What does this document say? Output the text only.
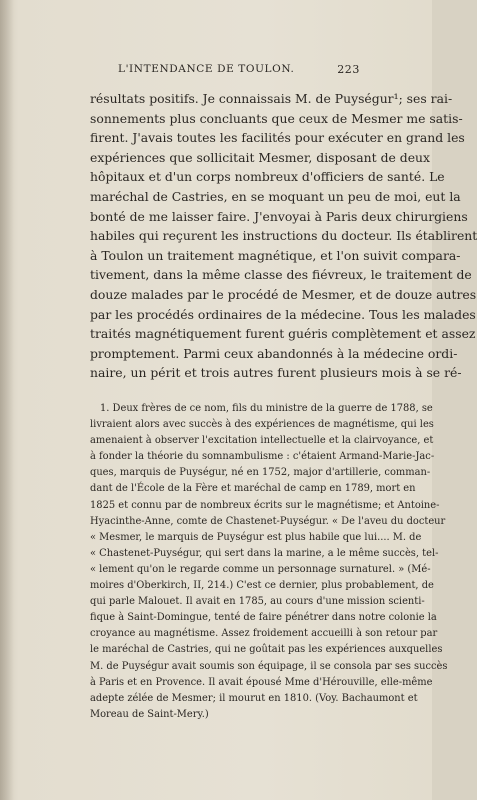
L'INTENDANCE DE TOULON.	223
résultats positifs. Je connaissais M. de Puységur¹; ses rai-
sonnements plus concluants que ceux de Mesmer me satis-
firent. J'avais toutes les facilités pour exécuter en grand les
expériences que sollicitait Mesmer, disposant de deux
hôpitaux et d'un corps nombreux d'officiers de santé. Le
maréchal de Castries, en se moquant un peu de moi, eut la
bonté de me laisser faire. J'envoyai à Paris deux chirurgiens
habiles qui reçurent les instructions du docteur. Ils établirent
à Toulon un traitement magnétique, et l'on suivit compara-
tivement, dans la même classe des fiévreux, le traitement de
douze malades par le procédé de Mesmer, et de douze autres
par les procédés ordinaires de la médecine. Tous les malades
traités magnétiquement furent guéris complètement et assez
promptement. Parmi ceux abandonnés à la médecine ordi-
naire, un périt et trois autres furent plusieurs mois à se ré-
1. Deux frères de ce nom, fils du ministre de la guerre de 1788, se
livraient alors avec succès à des expériences de magnétisme, qui les
amenaient à observer l'excitation intellectuelle et la clairvoyance, et
à fonder la théorie du somnambulisme : c'étaient Armand-Marie-Jac-
ques, marquis de Puységur, né en 1752, major d'artillerie, comman-
dant de l'École de la Fère et maréchal de camp en 1789, mort en
1825 et connu par de nombreux écrits sur le magnétisme; et Antoine-
Hyacinthe-Anne, comte de Chastenet-Puységur. « De l'aveu du docteur
« Mesmer, le marquis de Puységur est plus habile que lui.... M. de
« Chastenet-Puységur, qui sert dans la marine, a le même succès, tel-
« lement qu'on le regarde comme un personnage surnaturel. » (Mé-
moires d'Oberkirch, II, 214.) C'est ce dernier, plus probablement, de
qui parle Malouet. Il avait en 1785, au cours d'une mission scienti-
fique à Saint-Domingue, tenté de faire pénétrer dans notre colonie la
croyance au magnétisme. Assez froidement accueilli à son retour par
le maréchal de Castries, qui ne goûtait pas les expériences auxquelles
M. de Puységur avait soumis son équipage, il se consola par ses succès
à Paris et en Provence. Il avait épousé Mme d'Hérouville, elle-même
adepte zélée de Mesmer; il mourut en 1810. (Voy. Bachaumont et
Moreau de Saint-Mery.)
